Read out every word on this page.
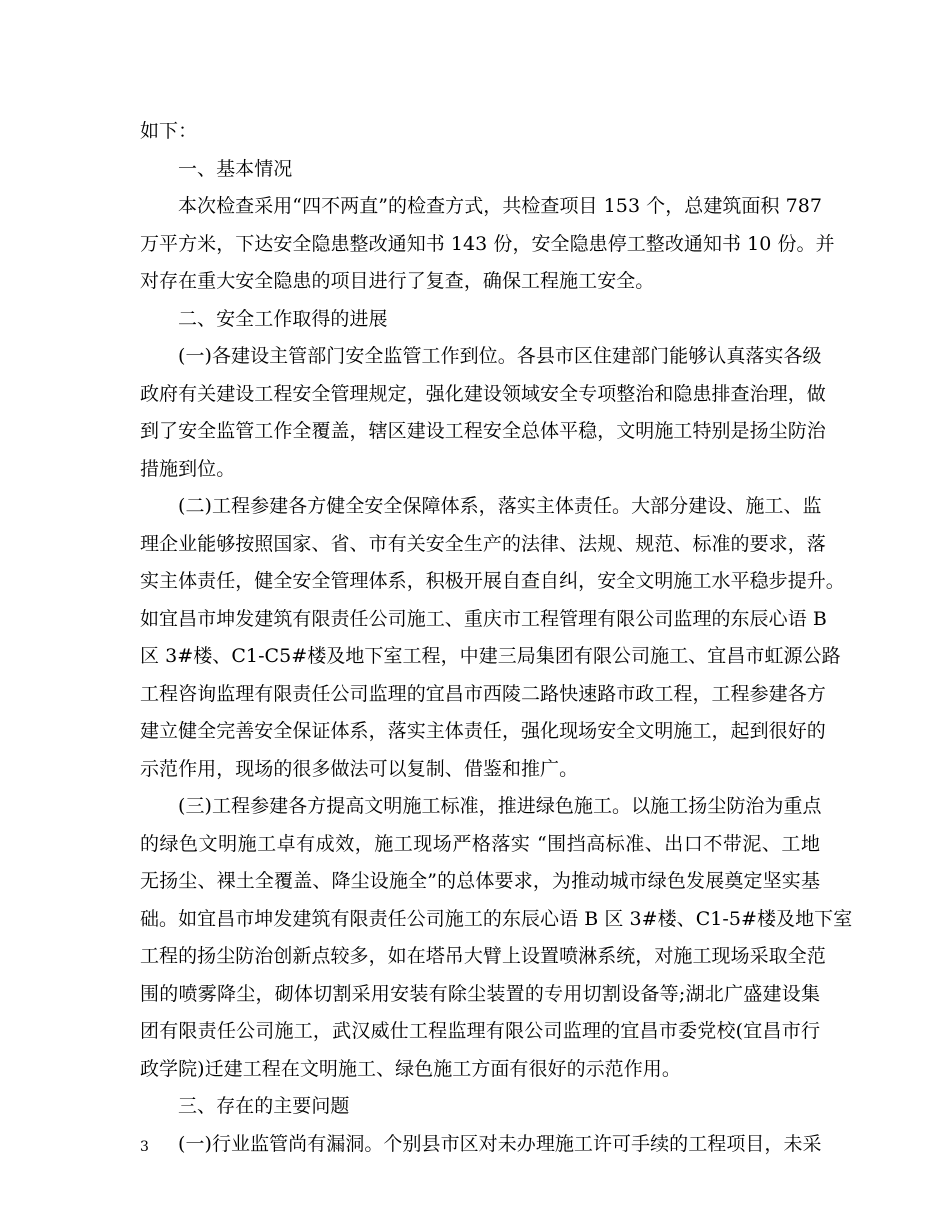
如下：
一、基本情况
本次检查采用“四不两直”的检查方式，共检查项目 153 个，总建筑面积 787
万平方米，下达安全隐患整改通知书 143 份，安全隐患停工整改通知书 10 份。并
对存在重大安全隐患的项目进行了复查，确保工程施工安全。
二、安全工作取得的进展
(一)各建设主管部门安全监管工作到位。各县市区住建部门能够认真落实各级
政府有关建设工程安全管理规定，强化建设领域安全专项整治和隐患排查治理，做
到了安全监管工作全覆盖，辖区建设工程安全总体平稳，文明施工特别是扬尘防治
措施到位。
(二)工程参建各方健全安全保障体系，落实主体责任。大部分建设、施工、监
理企业能够按照国家、省、市有关安全生产的法律、法规、规范、标准的要求，落
实主体责任，健全安全管理体系，积极开展自查自纠，安全文明施工水平稳步提升。
如宜昌市坤发建筑有限责任公司施工、重庆市工程管理有限公司监理的东辰心语 B
区 3#楼、C1-C5#楼及地下室工程，中建三局集团有限公司施工、宜昌市虹源公路
工程咨询监理有限责任公司监理的宜昌市西陵二路快速路市政工程，工程参建各方
建立健全完善安全保证体系，落实主体责任，强化现场安全文明施工，起到很好的
示范作用，现场的很多做法可以复制、借鉴和推广。
(三)工程参建各方提高文明施工标准，推进绿色施工。以施工扬尘防治为重点
的绿色文明施工卓有成效，施工现场严格落实 “围挡高标准、出口不带泥、工地
无扬尘、裸土全覆盖、降尘设施全”的总体要求，为推动城市绿色发展奠定坚实基
础。如宜昌市坤发建筑有限责任公司施工的东辰心语 B 区 3#楼、C1-5#楼及地下室
工程的扬尘防治创新点较多，如在塔吊大臂上设置喷淋系统，对施工现场采取全范
围的喷雾降尘，砌体切割采用安装有除尘装置的专用切割设备等;湖北广盛建设集
团有限责任公司施工，武汉威仕工程监理有限公司监理的宜昌市委党校(宜昌市行
政学院)迁建工程在文明施工、绿色施工方面有很好的示范作用。
三、存在的主要问题
(一)行业监管尚有漏洞。个别县市区对未办理施工许可手续的工程项目，未采
3
